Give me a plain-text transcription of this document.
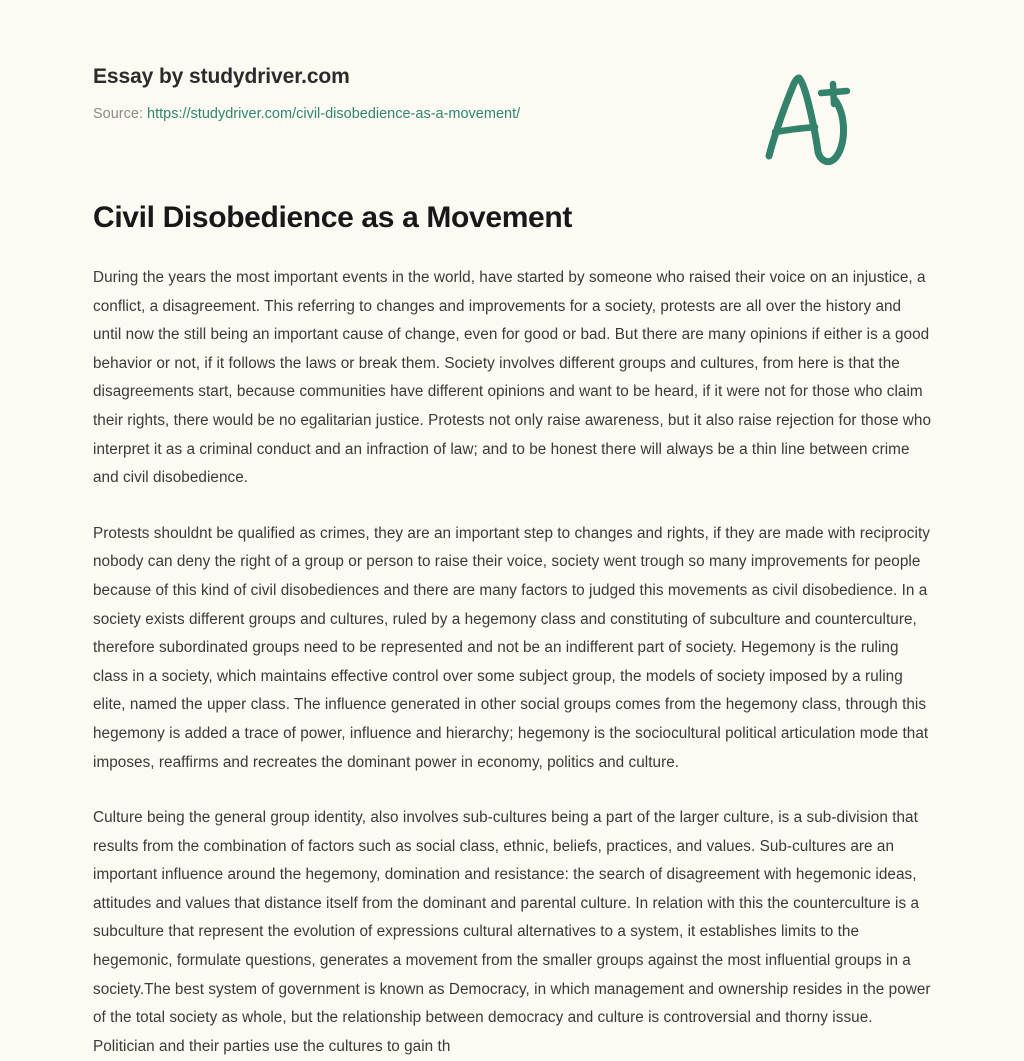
Essay by studydriver.com
Source: https://studydriver.com/civil-disobedience-as-a-movement/
Civil Disobedience as a Movement

During the years the most important events in the world, have started by someone who raised their voice on an injustice, a conflict, a disagreement. This referring to changes and improvements for a society, protests are all over the history and until now the still being an important cause of change, even for good or bad. But there are many opinions if either is a good behavior or not, if it follows the laws or break them. Society involves different groups and cultures, from here is that the disagreements start, because communities have different opinions and want to be heard, if it were not for those who claim their rights, there would be no egalitarian justice. Protests not only raise awareness, but it also raise rejection for those who interpret it as a criminal conduct and an infraction of law; and to be honest there will always be a thin line between crime and civil disobedience.

Protests shouldnt be qualified as crimes, they are an important step to changes and rights, if they are made with reciprocity nobody can deny the right of a group or person to raise their voice, society went trough so many improvements for people because of this kind of civil disobediences and there are many factors to judged this movements as civil disobedience. In a society exists different groups and cultures, ruled by a hegemony class and constituting of subculture and counterculture, therefore subordinated groups need to be represented and not be an indifferent part of society. Hegemony is the ruling class in a society, which maintains effective control over some subject group, the models of society imposed by a ruling elite, named the upper class. The influence generated in other social groups comes from the hegemony class, through this hegemony is added a trace of power, influence and hierarchy; hegemony is the sociocultural political articulation mode that imposes, reaffirms and recreates the dominant power in economy, politics and culture.

Culture being the general group identity, also involves sub-cultures being a part of the larger culture, is a sub-division that results from the combination of factors such as social class, ethnic, beliefs, practices, and values. Sub-cultures are an important influence around the hegemony, domination and resistance: the search of disagreement with hegemonic ideas, attitudes and values that distance itself from the dominant and parental culture. In relation with this the counterculture is a subculture that represent the evolution of expressions cultural alternatives to a system, it establishes limits to the hegemonic, formulate questions, generates a movement from the smaller groups against the most influential groups in a society.The best system of government is known as Democracy, in which management and ownership resides in the power of the total society as whole, but the relationship between democracy and culture is controversial and thorny issue. Politician and their parties use the cultures to gain th
